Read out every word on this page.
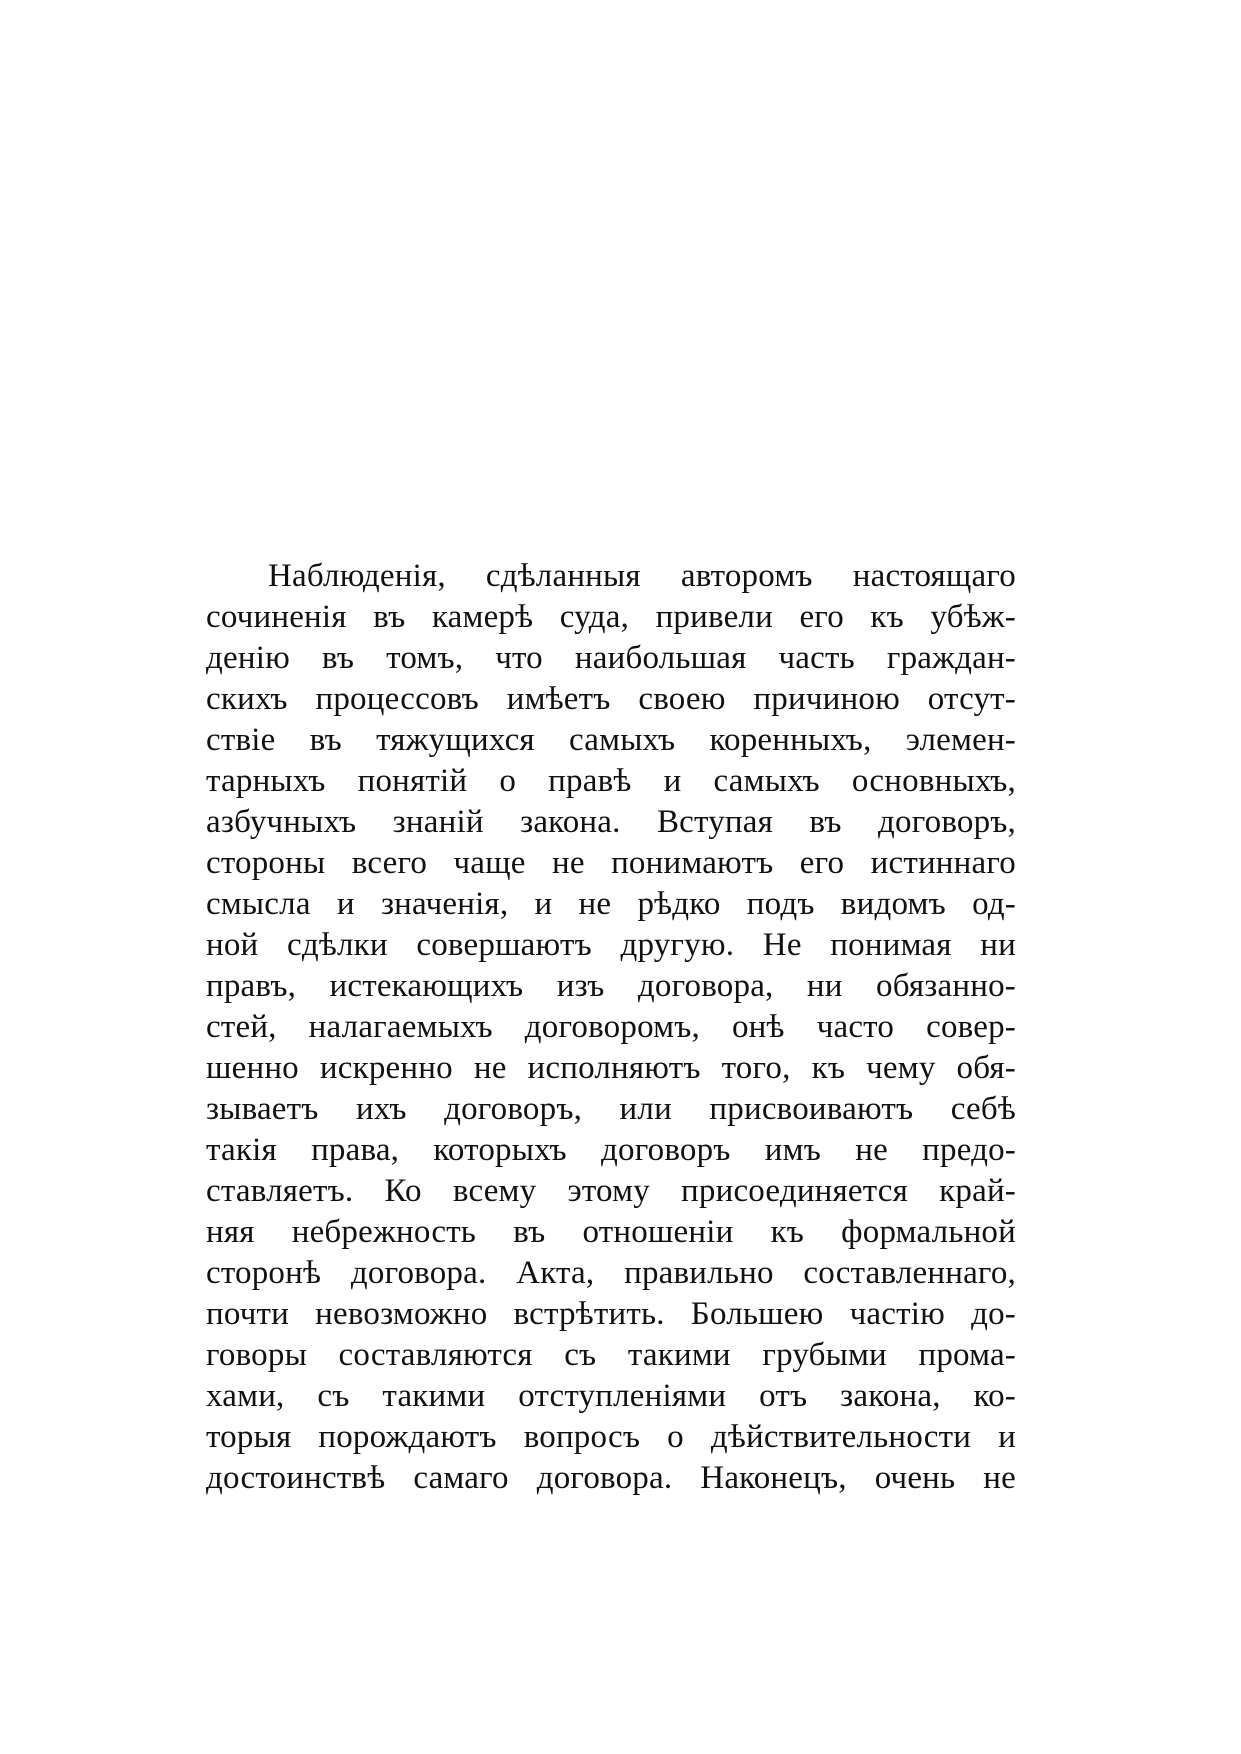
Наблюденія, сдѣланныя авторомъ настоящаго
сочиненія въ камерѣ суда, привели его къ убѣж-
денію въ томъ, что наибольшая часть граждан-
скихъ процессовъ имѣетъ своею причиною отсут-
ствіе въ тяжущихся самыхъ коренныхъ, элемен-
тарныхъ понятій о правѣ и самыхъ основныхъ,
азбучныхъ знаній закона. Вступая въ договоръ,
стороны всего чаще не понимаютъ его истиннаго
смысла и значенія, и не рѣдко подъ видомъ од-
ной сдѣлки совершаютъ другую. Не понимая ни
правъ, истекающихъ изъ договора, ни обязанно-
стей, налагаемыхъ договоромъ, онѣ часто совер-
шенно искренно не исполняютъ того, къ чему обя-
зываетъ ихъ договоръ, или присвоиваютъ себѣ
такія права, которыхъ договоръ имъ не предо-
ставляетъ. Ко всему этому присоединяется край-
няя небрежность въ отношеніи къ формальной
сторонѣ договора. Акта, правильно составленнаго,
почти невозможно встрѣтить. Большею частію до-
говоры составляются съ такими грубыми прома-
хами, съ такими отступленіями отъ закона, ко-
торыя порождаютъ вопросъ о дѣйствительности и
достоинствѣ самаго договора. Наконецъ, очень не
